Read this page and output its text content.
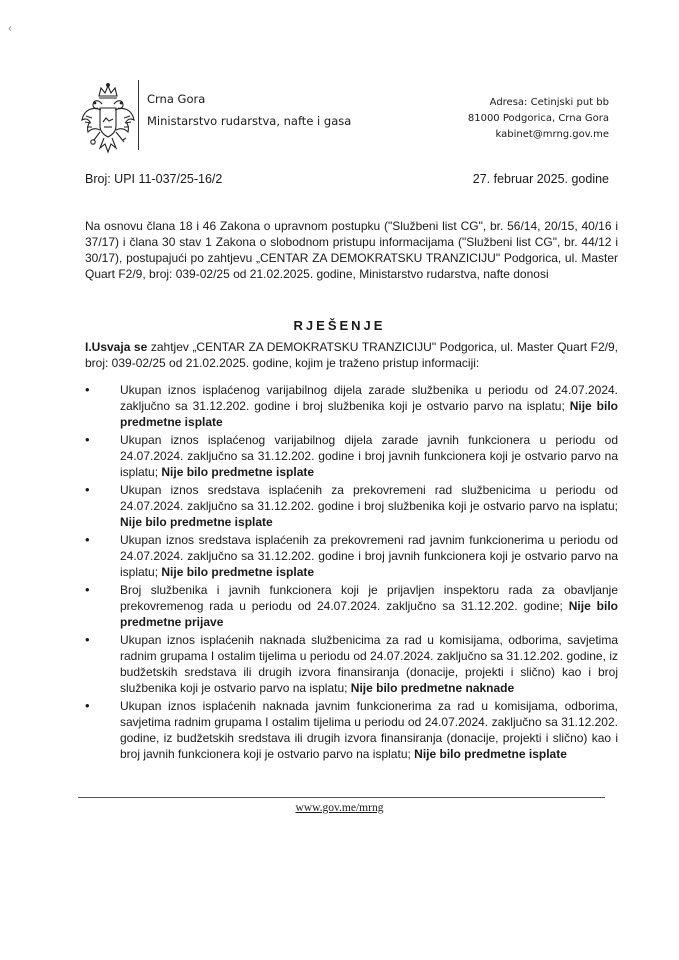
‹
Crna Gora
Ministarstvo rudarstva, nafte i gasa
Adresa: Cetinjski put bb
81000 Podgorica, Crna Gora
kabinet@mrng.gov.me
Broj: UPI 11-037/25-16/2	27. februar 2025. godine
Na osnovu člana 18 i 46 Zakona o upravnom postupku ("Službeni list CG", br. 56/14, 20/15, 40/16 i 37/17) i člana 30 stav 1 Zakona o slobodnom pristupu informacijama ("Službeni list CG", br. 44/12 i 30/17), postupajući po zahtjevu „CENTAR ZA DEMOKRATSKU TRANZICIJU" Podgorica, ul. Master Quart F2/9, broj: 039-02/25 od 21.02.2025. godine, Ministarstvo rudarstva, nafte donosi
RJEŠENJE
I.Usvaja se zahtjev „CENTAR ZA DEMOKRATSKU TRANZICIJU" Podgorica, ul. Master Quart F2/9, broj: 039-02/25 od 21.02.2025. godine, kojim je traženo pristup informaciji:
•	Ukupan iznos isplaćenog varijabilnog dijela zarade službenika u periodu od 24.07.2024. zaključno sa 31.12.202. godine i broj službenika koji je ostvario parvo na isplatu; Nije bilo predmetne isplate
•	Ukupan iznos isplaćenog varijabilnog dijela zarade javnih funkcionera u periodu od 24.07.2024. zaključno sa 31.12.202. godine i broj javnih funkcionera koji je ostvario parvo na isplatu; Nije bilo predmetne isplate
•	Ukupan iznos sredstava isplaćenih za prekovremeni rad službenicima u periodu od 24.07.2024. zaključno sa 31.12.202. godine i broj službenika koji je ostvario parvo na isplatu; Nije bilo predmetne isplate
•	Ukupan iznos sredstava isplaćenih za prekovremeni rad javnim funkcionerima u periodu od 24.07.2024. zaključno sa 31.12.202. godine i broj javnih funkcionera koji je ostvario parvo na isplatu; Nije bilo predmetne isplate
•	Broj službenika i javnih funkcionera koji je prijavljen inspektoru rada za obavljanje prekovremenog rada u periodu od 24.07.2024. zaključno sa 31.12.202. godine; Nije bilo predmetne prijave
•	Ukupan iznos isplaćenih naknada službenicima za rad u komisijama, odborima, savjetima radnim grupama I ostalim tijelima u periodu od 24.07.2024. zaključno sa 31.12.202. godine, iz budžetskih sredstava ili drugih izvora finansiranja (donacije, projekti i slično) kao i broj službenika koji je ostvario parvo na isplatu; Nije bilo predmetne naknade
•	Ukupan iznos isplaćenih naknada javnim funkcionerima za rad u komisijama, odborima, savjetima radnim grupama I ostalim tijelima u periodu od 24.07.2024. zaključno sa 31.12.202. godine, iz budžetskih sredstava ili drugih izvora finansiranja (donacije, projekti i slično) kao i broj javnih funkcionera koji je ostvario parvo na isplatu; Nije bilo predmetne isplate
www.gov.me/mrng
